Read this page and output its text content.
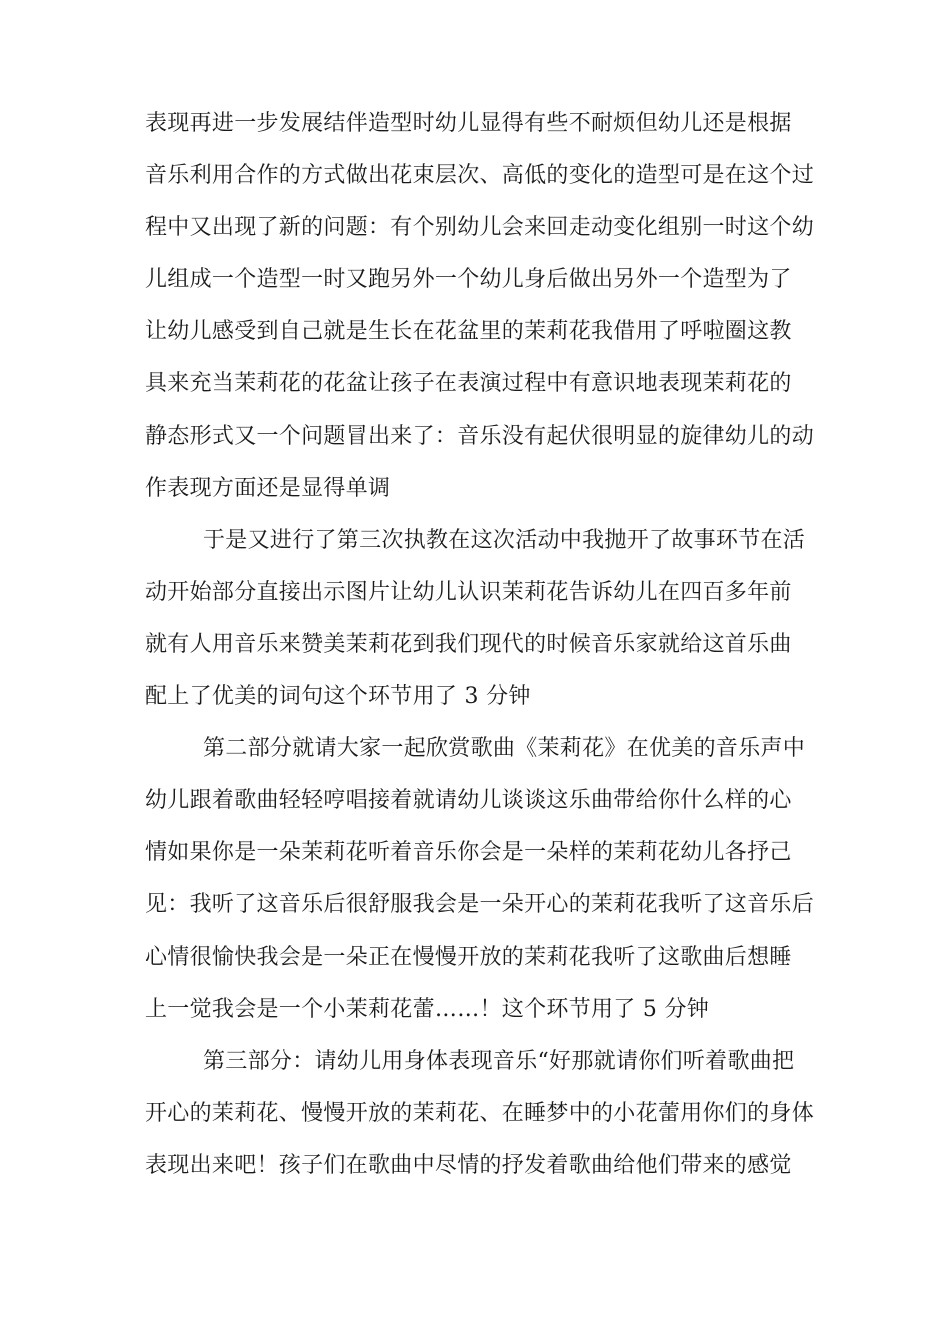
表现再进一步发展结伴造型时幼儿显得有些不耐烦但幼儿还是根据
音乐利用合作的方式做出花束层次、高低的变化的造型可是在这个过
程中又出现了新的问题：有个别幼儿会来回走动变化组别一时这个幼
儿组成一个造型一时又跑另外一个幼儿身后做出另外一个造型为了
让幼儿感受到自己就是生长在花盆里的茉莉花我借用了呼啦圈这教
具来充当茉莉花的花盆让孩子在表演过程中有意识地表现茉莉花的
静态形式又一个问题冒出来了：音乐没有起伏很明显的旋律幼儿的动
作表现方面还是显得单调
于是又进行了第三次执教在这次活动中我抛开了故事环节在活
动开始部分直接出示图片让幼儿认识茉莉花告诉幼儿在四百多年前
就有人用音乐来赞美茉莉花到我们现代的时候音乐家就给这首乐曲
配上了优美的词句这个环节用了 3 分钟
第二部分就请大家一起欣赏歌曲《茉莉花》在优美的音乐声中
幼儿跟着歌曲轻轻哼唱接着就请幼儿谈谈这乐曲带给你什么样的心
情如果你是一朵茉莉花听着音乐你会是一朵样的茉莉花幼儿各抒己
见：我听了这音乐后很舒服我会是一朵开心的茉莉花我听了这音乐后
心情很愉快我会是一朵正在慢慢开放的茉莉花我听了这歌曲后想睡
上一觉我会是一个小茉莉花蕾……！这个环节用了 5 分钟
第三部分：请幼儿用身体表现音乐“好那就请你们听着歌曲把
开心的茉莉花、慢慢开放的茉莉花、在睡梦中的小花蕾用你们的身体
表现出来吧！孩子们在歌曲中尽情的抒发着歌曲给他们带来的感觉
